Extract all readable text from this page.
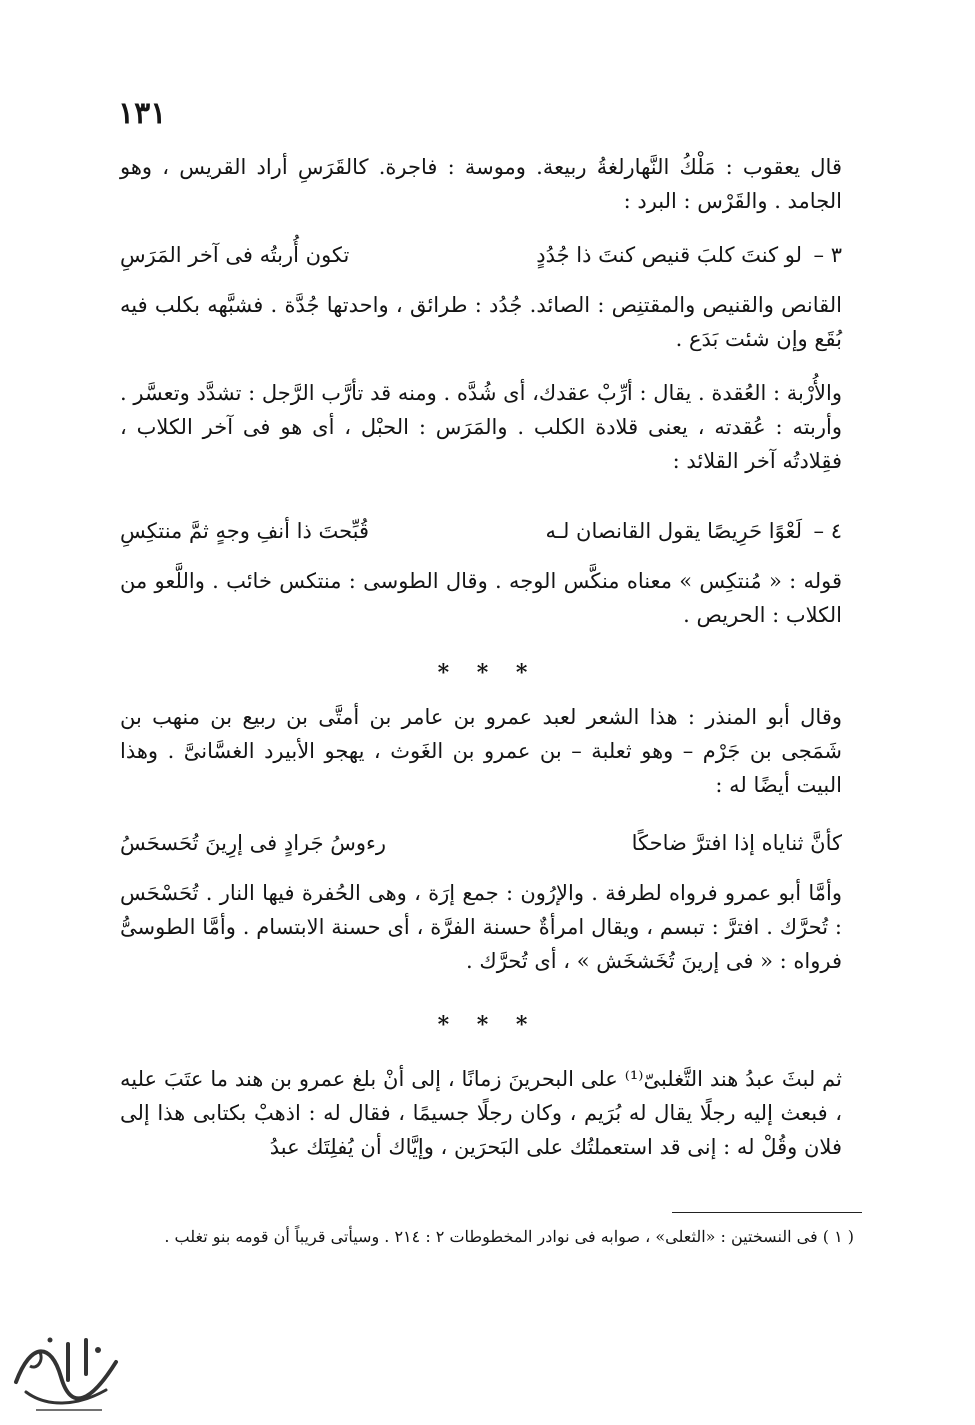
١٣١

قال يعقوب : مَلْكُ النَّهارلغةُ ربيعة. وموسة : فاجرة. كالقَرَسِ أراد القريس ، وهو الجامد . والقَرْس : البرد :

٣ –
لو كنتَ كلبَ قنيص كنتَ ذا جُدُدٍ
تكون أُربتُه فى آخر المَرَسِ

القانص والقنيص والمقتنِص : الصائد. جُدُد : طرائق ، واحدتها جُدَّة . فشبَّهه بكلب فيه بُقَع وإن شئت بَدَع .

والأُرْبة : العُقدة . يقال : أرِّبْ عقدك، أى شُدَّه . ومنه قد تأرَّب الرَّجل : تشدَّد وتعسَّر . وأربته : عُقدته ، يعنى قلادة الكلب . والمَرَس : الحبْل ، أى هو فى آخر الكلاب ، فقِلادتُه آخر القلائد :

٤ –
لَعْوًا حَرِيصًا يقول القانصان لـه
قُبِّحتَ ذا أنفِ وجهٍ ثمَّ منتكِسِ

قوله : « مُنتكِس » معناه منكَّس الوجه . وقال الطوسى : منتكس خائب . واللَّعو من الكلاب : الحريص .

* * *

وقال أبو المنذر : هذا الشعر لعبد عمرو بن عامر بن أمتَّى بن ربيع بن منهب بن شَمَجى بن جَرْم – وهو ثعلبة – بن عمرو بن الغَوث ، يهجو الأبيرد الغسَّانىَّ . وهذا البيت أيضًا له :

كأنَّ ثناياه إذا افترَّ ضاحكًا
رءوسُ جَرادٍ فى إرِينَ تُحَسحَسُ

وأمَّا أبو عمرو فرواه لطرفة . والإرُون : جمع إرَة ، وهى الحُفرة فيها النار . تُحَسْحَس : تُحرَّك . افترَّ : تبسم ، ويقال امرأةٌ حسنة الفرَّة ، أى حسنة الابتسام . وأمَّا الطوسىُّ فرواه : « فى إرينَ تُخَشخَش » ، أى تُحرَّك .

* * *

ثم لبثَ عبدُ هند التَّغلبىّ⁽¹⁾ على البحرينَ زمانًا ، إلى أنْ بلغ عمرو بن هند ما عتَبَ عليه ، فبعث إليه رجلًا يقال له بُرَيم ، وكان رجلًا جسيمًا ، فقال له : اذهبْ بكتابى هذا إلى فلان وقُلْ له : إنى قد استعملتُك على البَحرَين ، وإيَّاك أن يُفلِتَك عبدُ

( ١ ) فى النسختين : «الثعلى» ، صوابه فى نوادر المخطوطات ٢ : ٢١٤ . وسيأتى قريباً أن قومه بنو تغلب .
